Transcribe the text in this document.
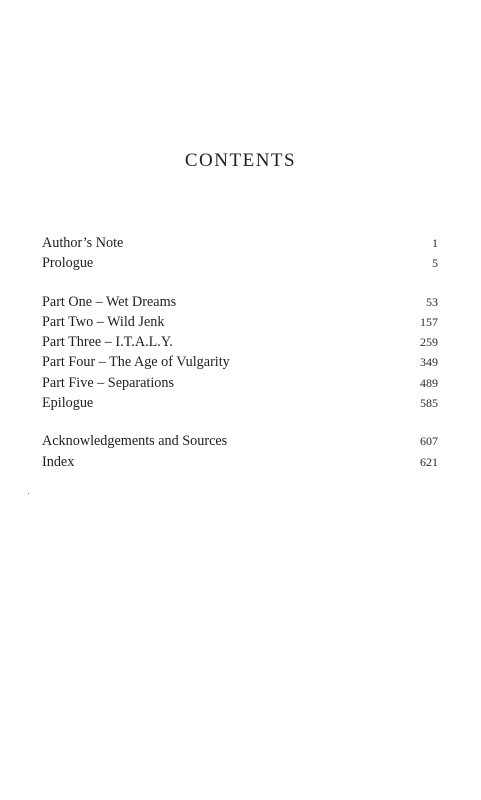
CONTENTS
Author’s Note	1
Prologue	5
Part One – Wet Dreams	53
Part Two – Wild Jenk	157
Part Three – I.T.A.L.Y.	259
Part Four – The Age of Vulgarity	349
Part Five – Separations	489
Epilogue	585
Acknowledgements and Sources	607
Index	621
